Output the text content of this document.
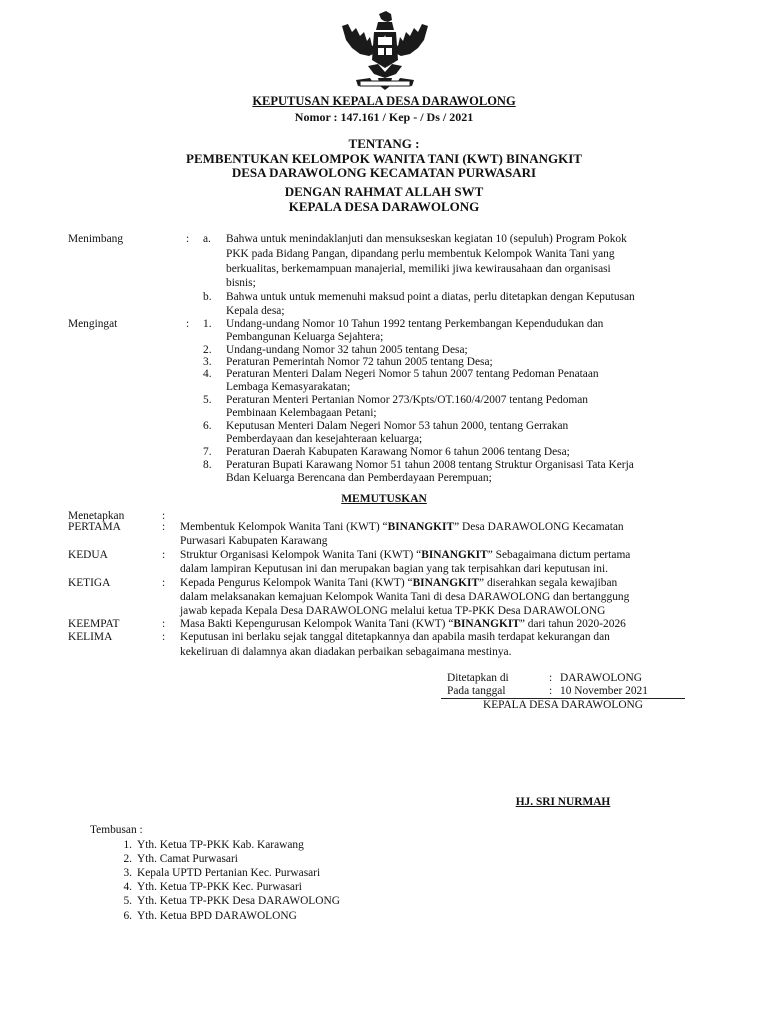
KEPUTUSAN KEPALA DESA DARAWOLONG
Nomor : 147.161 / Kep - / Ds / 2021
TENTANG :
PEMBENTUKAN KELOMPOK WANITA TANI (KWT) BINANGKIT
DESA DARAWOLONG KECAMATAN PURWASARI
DENGAN RAHMAT ALLAH SWT
KEPALA DESA DARAWOLONG
Menimbang	: a. Bahwa untuk menindaklanjuti dan mensukseskan kegiatan 10 (sepuluh) Program Pokok
PKK pada Bidang Pangan, dipandang perlu membentuk Kelompok Wanita Tani yang
berkualitas, berkemampuan manajerial, memiliki jiwa kewirausahaan dan organisasi
bisnis;
b. Bahwa untuk untuk memenuhi maksud point a diatas, perlu ditetapkan dengan Keputusan
Kepala desa;
Mengingat	: 1. Undang-undang Nomor 10 Tahun 1992 tentang Perkembangan Kependudukan dan
Pembangunan Keluarga Sejahtera;
2. Undang-undang Nomor 32 tahun 2005 tentang Desa;
3. Peraturan Pemerintah Nomor 72 tahun 2005 tentang Desa;
4. Peraturan Menteri Dalam Negeri Nomor 5 tahun 2007 tentang Pedoman Penataan
Lembaga Kemasyarakatan;
5. Peraturan Menteri Pertanian Nomor 273/Kpts/OT.160/4/2007 tentang Pedoman
Pembinaan Kelembagaan Petani;
6. Keputusan Menteri Dalam Negeri Nomor 53 tahun 2000, tentang Gerrakan
Pemberdayaan dan kesejahteraan keluarga;
7. Peraturan Daerah Kabupaten Karawang Nomor 6 tahun 2006 tentang Desa;
8. Peraturan Bupati Karawang Nomor 51 tahun 2008 tentang Struktur Organisasi Tata Kerja
Bdan Keluarga Berencana dan Pemberdayaan Perempuan;
MEMUTUSKAN
Menetapkan	:
PERTAMA	: Membentuk Kelompok Wanita Tani (KWT) “BINANGKIT” Desa DARAWOLONG Kecamatan
Purwasari Kabupaten Karawang
KEDUA	: Struktur Organisasi Kelompok Wanita Tani (KWT) “BINANGKIT” Sebagaimana dictum pertama
dalam lampiran Keputusan ini dan merupakan bagian yang tak terpisahkan dari keputusan ini.
KETIGA	: Kepada Pengurus Kelompok Wanita Tani (KWT) “BINANGKIT” diserahkan segala kewajiban
dalam melaksanakan kemajuan Kelompok Wanita Tani di desa DARAWOLONG dan bertanggung
jawab kepada Kepala Desa DARAWOLONG melalui ketua TP-PKK Desa DARAWOLONG
KEEMPAT	: Masa Bakti Kepengurusan Kelompok Wanita Tani (KWT) “BINANGKIT” dari tahun 2020-2026
KELIMA	: Keputusan ini berlaku sejak tanggal ditetapkannya dan apabila masih terdapat kekurangan dan
kekeliruan di dalamnya akan diadakan perbaikan sebagaimana mestinya.
Ditetapkan di	: DARAWOLONG
Pada tanggal	: 10 November 2021
KEPALA DESA DARAWOLONG
HJ. SRI NURMAH
Tembusan :
1. Yth. Ketua TP-PKK Kab. Karawang
2. Yth. Camat Purwasari
3. Kepala UPTD Pertanian Kec. Purwasari
4. Yth. Ketua TP-PKK Kec. Purwasari
5. Yth. Ketua TP-PKK Desa DARAWOLONG
6. Yth. Ketua BPD DARAWOLONG
